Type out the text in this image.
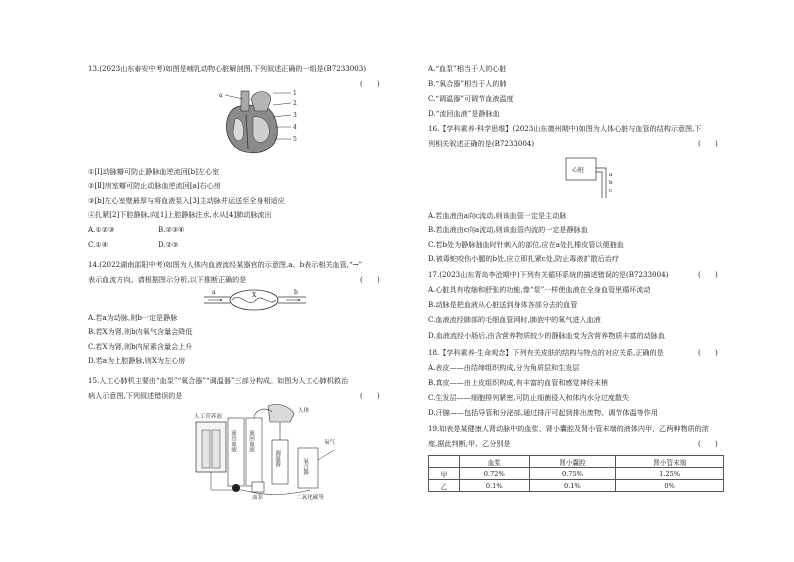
13.(2023山东泰安中考)如图是哺乳动物心脏解剖图,下列叙述正确的一组是(B7233003)
(　　)
a	1
2
3
4
5
①[Ⅰ]动脉瓣可防止静脉血逆流回[b]左心室
②[Ⅱ]房室瓣可防止动脉血逆流回[a]右心房
③[b]左心室壁最厚与将血液泵入[3]主动脉并运送至全身相适应
④扎紧[2]下腔静脉,向[1]上腔静脉注水,水从[4]肺动脉流出
A.①②③	B.②③④
C.①④	D.②③
14.(2022湖南邵阳中考)如图为人体内血液流经某器官的示意图,a、b表示相关血管,“→”
表示血流方向。请根据图示分析,以下推断正确的是	(　　)
a	X	b
A.若a为动脉,则b一定是静脉
B.若X为肾,则b内氧气含量会降低
C.若X为肾,则b内尿素含量会上升
D.若a为上腔静脉,则X为左心房
15.人工心肺机主要由“血泵”“氧合器”“调温器”三部分构成。如图为人工心肺机救治
病人示意图,下列叙述错误的是	(　　)
人工营养液
人体
流出血液 流回血液
调温器	氧合器
氧气
血泵	二氧化碳等
A.“血泵”相当于人的心脏
B.“氧合器”相当于人的肺
C.“调温器”可调节血液温度
D.“流回血液”是静脉血
16.【学科素养·科学思维】(2023山东德州期中)如图为人体心脏与血管的结构示意图,下
列相关叙述正确的是(B7233004)	(　　)
心脏
a
b
c
A.若血液由a向c流动,则该血管一定是主动脉
B.若血液由c向a流动,则该血管内流的一定是静脉血
C.若b处为静脉抽血时针刺入的部位,应在a处扎橡皮管以便抽血
D.被毒蛇咬伤小腿的b处,应立即扎紧c处,防止毒液扩散后治疗
17.(2023山东青岛李沧期中)下列有关循环系统的描述错误的是(B7233004)	(　　)
A.心脏具有收缩和舒张的功能,像“泵”一样使血液在全身血管里循环流动
B.动脉是把血液从心脏送到身体各部分去的血管
C.血液流经肺部的毛细血管网时,肺泡中的氧气进入血液
D.血液流经小肠后,由含营养物质较少的静脉血变为含营养物质丰富的动脉血
18.【学科素养·生命观念】下列有关皮肤的结构与特点的对应关系,正确的是	(　　)
A.表皮——由结缔组织构成,分为角质层和生发层
B.真皮——由上皮组织构成,有丰富的血管和感觉神经末梢
C.生发层——细胞排列紧密,可防止细菌侵入和体内水分过度散失
D.汗腺——包括导管和分泌部,通过排汗可起到排出废物、调节体温等作用
19.如表是某健康人肾动脉中的血浆、肾小囊腔及肾小管末端的液体内甲、乙两种物质的浓
度,据此判断,甲、乙分别是	(　　)
	血浆	肾小囊腔	肾小管末端
甲	0.72%	0.75%	1.25%
乙	0.1%	0.1%	0%
